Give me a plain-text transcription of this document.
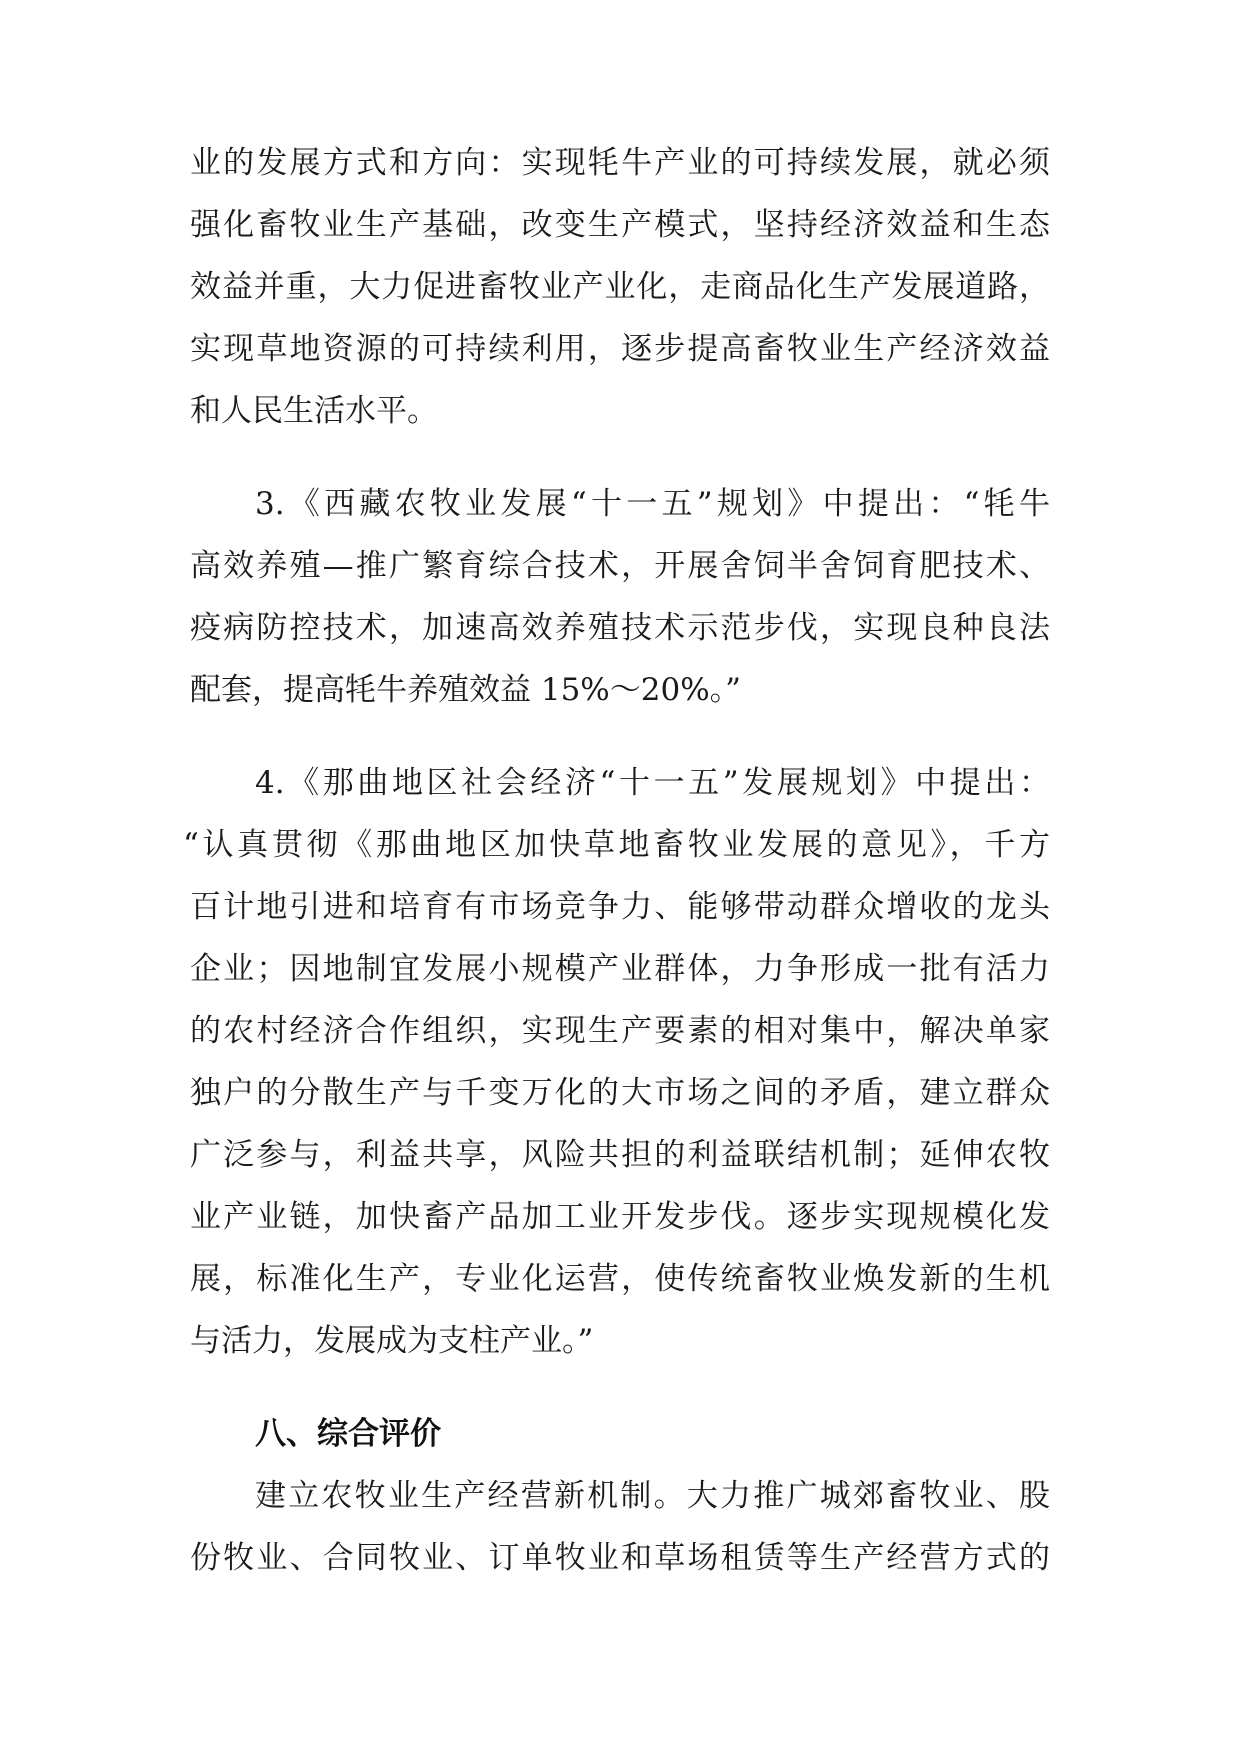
业的发展方式和方向：实现牦牛产业的可持续发展，就必须
强化畜牧业生产基础，改变生产模式，坚持经济效益和生态
效益并重，大力促进畜牧业产业化，走商品化生产发展道路，
实现草地资源的可持续利用，逐步提高畜牧业生产经济效益
和人民生活水平。
3.《西藏农牧业发展“十一五”规划》中提出：“牦牛
高效养殖—推广繁育综合技术，开展舍饲半舍饲育肥技术、
疫病防控技术，加速高效养殖技术示范步伐，实现良种良法
配套，提高牦牛养殖效益 15%～20%。”
4.《那曲地区社会经济“十一五”发展规划》中提出：
“认真贯彻《那曲地区加快草地畜牧业发展的意见》，千方
百计地引进和培育有市场竞争力、能够带动群众增收的龙头
企业；因地制宜发展小规模产业群体，力争形成一批有活力
的农村经济合作组织，实现生产要素的相对集中，解决单家
独户的分散生产与千变万化的大市场之间的矛盾，建立群众
广泛参与，利益共享，风险共担的利益联结机制；延伸农牧
业产业链，加快畜产品加工业开发步伐。逐步实现规模化发
展，标准化生产，专业化运营，使传统畜牧业焕发新的生机
与活力，发展成为支柱产业。”
八、综合评价
建立农牧业生产经营新机制。大力推广城郊畜牧业、股
份牧业、合同牧业、订单牧业和草场租赁等生产经营方式的
